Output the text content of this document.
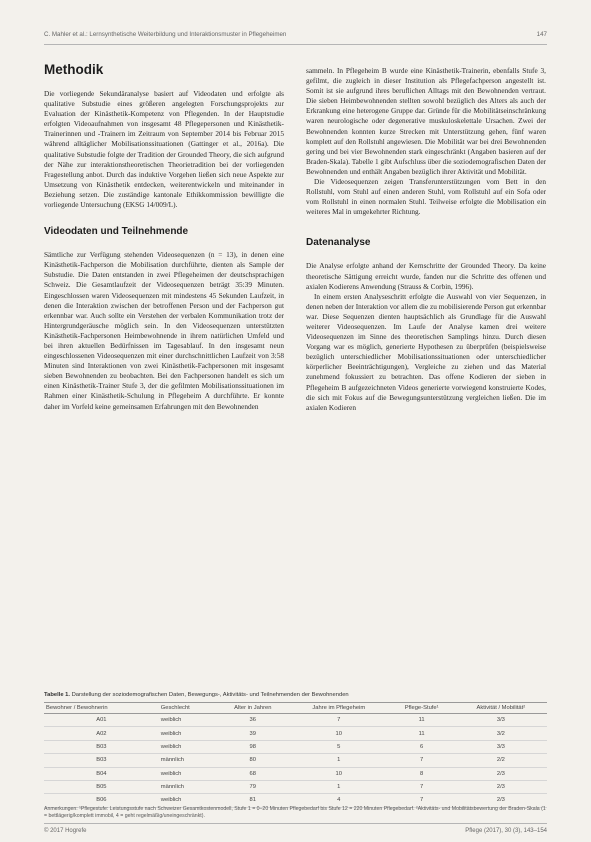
C. Mahler et al.: Lernsynthetische Weiterbildung und Interaktionsmuster in Pflegeheimen	147
Methodik

Die vorliegende Sekundäranalyse basiert auf Videodaten und erfolgte als qualitative Substudie eines größeren angelegten Forschungsprojekts zur Evaluation der Kinästhetik-Kompetenz von Pflegenden. In der Hauptstudie erfolgten Videoaufnahmen von insgesamt 48 Pflegepersonen und Kinästhetik-Trainerinnen und -Trainern im Zeitraum von September 2014 bis Februar 2015 während alltäglicher Mobilisationssituationen (Gattinger et al., 2016a). Die qualitative Substudie folgte der Tradition der Grounded Theory, die sich aufgrund der Nähe zur interaktionstheoretischen Theorietradition bei der vorliegenden Fragestellung anbot. Durch das induktive Vorgehen ließen sich neue Aspekte zur Umsetzung von Kinästhetik entdecken, weiterentwickeln und miteinander in Beziehung setzen. Die zuständige kantonale Ethikkommission bewilligte die vorliegende Untersuchung (EKSG 14/009/L).

Videodaten und Teilnehmende

Sämtliche zur Verfügung stehenden Videosequenzen (n = 13), in denen eine Kinästhetik-Fachperson die Mobilisation durchführte, dienten als Sample der Substudie. Die Daten entstanden in zwei Pflegeheimen der deutschsprachigen Schweiz. Die Gesamtlaufzeit der Videosequenzen beträgt 35:39 Minuten. Eingeschlossen waren Videosequenzen mit mindestens 45 Sekunden Laufzeit, in denen die Interaktion zwischen der betroffenen Person und der Fachperson gut erkennbar war. Auch sollte ein Verstehen der verbalen Kommunikation trotz der Hintergrundgeräusche möglich sein. In den Videosequenzen unterstützten Kinästhetik-Fachpersonen Heimbewohnende in ihrem natürlichen Umfeld und bei ihren aktuellen Bedürfnissen im Tagesablauf. In den insgesamt neun eingeschlossenen Videosequenzen mit einer durchschnittlichen Laufzeit von 3:58 Minuten sind Interaktionen von zwei Kinästhetik-Fachpersonen mit insgesamt sieben Bewohnenden zu beobachten. Bei den Fachpersonen handelt es sich um einen Kinästhetik-Trainer Stufe 3, der die gefilmten Mobilisationssituationen im Rahmen einer Kinästhetik-Schulung in Pflegeheim A durchführte. Er konnte daher im Vorfeld keine gemeinsamen Erfahrungen mit den Bewohnenden

sammeln. In Pflegeheim B wurde eine Kinästhetik-Trainerin, ebenfalls Stufe 3, gefilmt, die zugleich in dieser Institution als Pflegefachperson angestellt ist. Somit ist sie aufgrund ihres beruflichen Alltags mit den Bewohnenden vertraut. Die sieben Heimbewohnenden stellten sowohl bezüglich des Alters als auch der Erkrankung eine heterogene Gruppe dar. Gründe für die Mobilitätseinschränkung waren neurologische oder degenerative muskuloskelettale Ursachen. Zwei der Bewohnenden konnten kurze Strecken mit Unterstützung gehen, fünf waren komplett auf den Rollstuhl angewiesen. Die Mobilität war bei drei Bewohnenden gering und bei vier Bewohnenden stark eingeschränkt (Angaben basieren auf der Braden-Skala). Tabelle 1 gibt Aufschluss über die soziodemografischen Daten der Bewohnenden und enthält Angaben bezüglich ihrer Aktivität und Mobilität.

Die Videosequenzen zeigen Transferunterstützungen vom Bett in den Rollstuhl, vom Stuhl auf einen anderen Stuhl, vom Rollstuhl auf ein Sofa oder vom Rollstuhl in einen normalen Stuhl. Teilweise erfolgte die Mobilisation ein weiteres Mal in umgekehrter Richtung.

Datenanalyse

Die Analyse erfolgte anhand der Kernschritte der Grounded Theory. Da keine theoretische Sättigung erreicht wurde, fanden nur die Schritte des offenen und axialen Kodierens Anwendung (Strauss & Corbin, 1996).

In einem ersten Analyseschritt erfolgte die Auswahl von vier Sequenzen, in denen neben der Interaktion vor allem die zu mobilisierende Person gut erkennbar war. Diese Sequenzen dienten hauptsächlich als Grundlage für die Auswahl weiterer Videosequenzen. Im Laufe der Analyse kamen drei weitere Videosequenzen im Sinne des theoretischen Samplings hinzu. Durch diesen Vorgang war es möglich, generierte Hypothesen zu überprüfen (beispielsweise bezüglich unterschiedlicher Mobilisationssituationen oder unterschiedlicher körperlicher Beeinträchtigungen), Vergleiche zu ziehen und das Material zunehmend fokussiert zu betrachten. Das offene Kodieren der sieben in Pflegeheim B aufgezeichneten Videos generierte vorwiegend konstruierte Kodes, die sich mit Fokus auf die Bewegungsunterstützung vergleichen ließen. Die im axialen Kodieren

Tabelle 1. Darstellung der soziodemografischen Daten, Bewegungs-, Aktivitäts- und Teilnehmenden der Bewohnenden
Bewohner / Bewohnerin	Geschlecht	Alter in Jahren	Jahre im Pflegeheim	Pflege-Stufe¹	Aktivität / Mobilität²
A01	weiblich	36	7	11	3/3
A02	weiblich	39	10	11	3/2
B03	weiblich	98	5	6	3/3
B03	männlich	80	1	7	2/2
B04	weiblich	68	10	8	2/3
B05	männlich	79	1	7	2/3
B06	weiblich	81	4	7	2/3
Anmerkungen: ¹Pflegestufe: Leistungsstufe nach Schweizer Gesamtkostenmodell, Stufe 1 = 0–20 Minuten Pflegebedarf bis Stufe 12 = 220 Minuten Pflegebedarf. ²Aktivitäts- und Mobilitätsbewertung der Braden-Skala (1 = bettlägerig/komplett immobil, 4 = geht regelmäßig/uneingeschränkt).
© 2017 Hogrefe	Pflege (2017), 30 (3), 143–154
